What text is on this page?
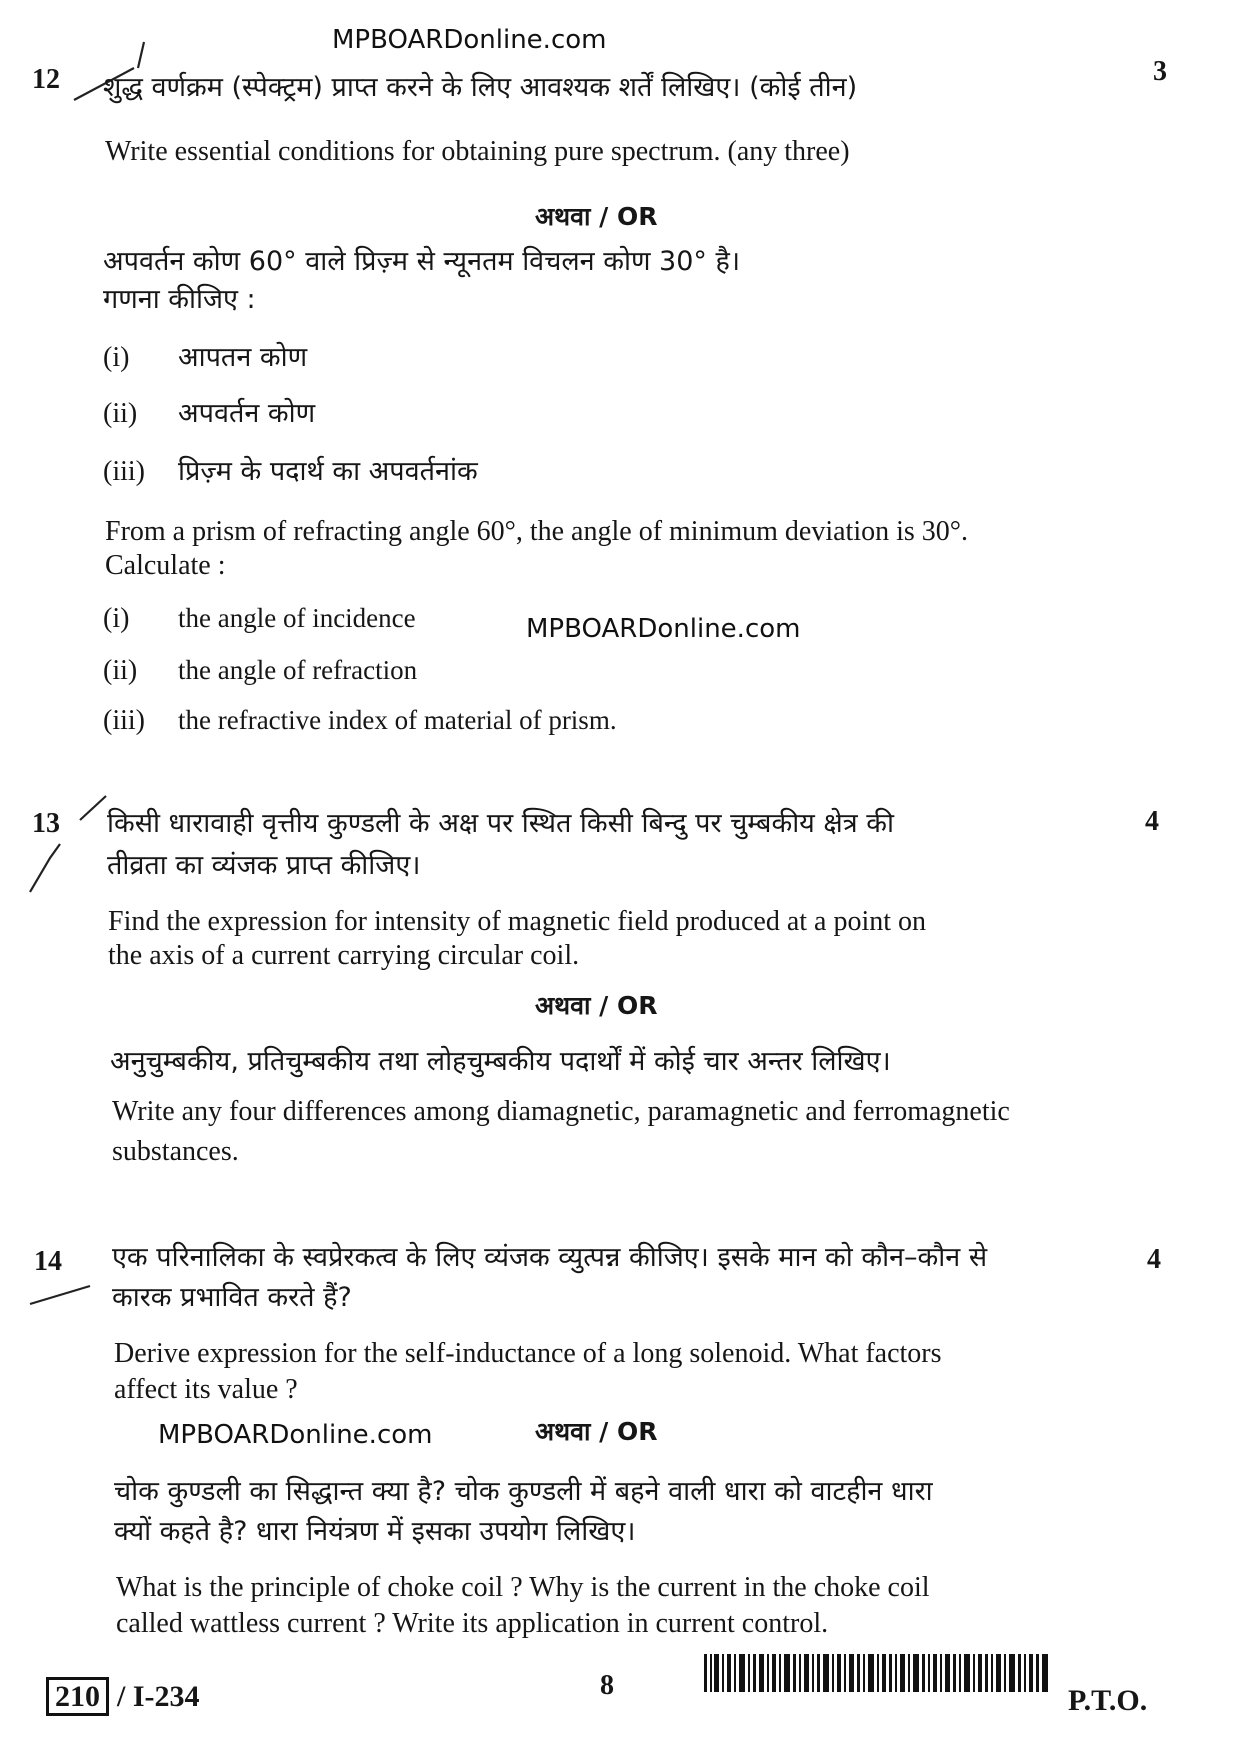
MPBOARDonline.com
12	3
शुद्ध वर्णक्रम (स्पेक्ट्रम) प्राप्त करने के लिए आवश्यक शर्तें लिखिए। (कोई तीन)
Write essential conditions for obtaining pure spectrum. (any three)
अथवा / OR
अपवर्तन कोण 60° वाले प्रिज़्म से न्यूनतम विचलन कोण 30° है।
गणना कीजिए :
(i) आपतन कोण
(ii) अपवर्तन कोण
(iii) प्रिज़्म के पदार्थ का अपवर्तनांक
From a prism of refracting angle 60°, the angle of minimum deviation is 30°.
Calculate :
(i) the angle of incidence
(ii) the angle of refraction
(iii) the refractive index of material of prism.
MPBOARDonline.com
13	4
किसी धारावाही वृत्तीय कुण्डली के अक्ष पर स्थित किसी बिन्दु पर चुम्बकीय क्षेत्र की
तीव्रता का व्यंजक प्राप्त कीजिए।
Find the expression for intensity of magnetic field produced at a point on
the axis of a current carrying circular coil.
अथवा / OR
अनुचुम्बकीय, प्रतिचुम्बकीय तथा लोहचुम्बकीय पदार्थों में कोई चार अन्तर लिखिए।
Write any four differences among diamagnetic, paramagnetic and ferromagnetic
substances.
14	4
एक परिनालिका के स्वप्रेरकत्व के लिए व्यंजक व्युत्पन्न कीजिए। इसके मान को कौन–कौन से
कारक प्रभावित करते हैं?
Derive expression for the self-inductance of a long solenoid. What factors
affect its value ?
MPBOARDonline.com	अथवा / OR
चोक कुण्डली का सिद्धान्त क्या है? चोक कुण्डली में बहने वाली धारा को वाटहीन धारा
क्यों कहते है? धारा नियंत्रण में इसका उपयोग लिखिए।
What is the principle of choke coil ? Why is the current in the choke coil
called wattless current ? Write its application in current control.
210 / I-234	8	P.T.O.
